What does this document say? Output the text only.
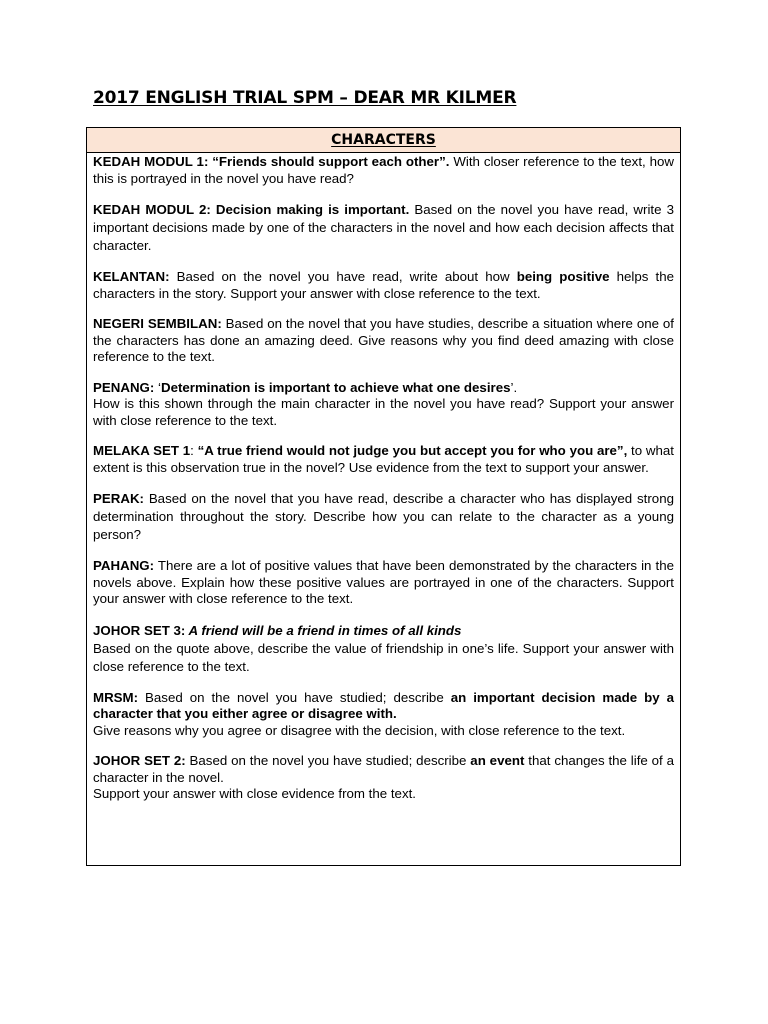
2017 ENGLISH TRIAL SPM – DEAR MR KILMER
CHARACTERS

KEDAH MODUL 1: “Friends should support each other”. With closer reference to the text, how this is portrayed in the novel you have read?

KEDAH MODUL 2: Decision making is important. Based on the novel you have read, write 3 important decisions made by one of the characters in the novel and how each decision affects that character.

KELANTAN: Based on the novel you have read, write about how being positive helps the characters in the story. Support your answer with close reference to the text.

NEGERI SEMBILAN: Based on the novel that you have studies, describe a situation where one of the characters has done an amazing deed. Give reasons why you find deed amazing with close reference to the text.

PENANG: ‘Determination is important to achieve what one desires’.
How is this shown through the main character in the novel you have read? Support your answer with close reference to the text.

MELAKA SET 1: “A true friend would not judge you but accept you for who you are”, to what extent is this observation true in the novel? Use evidence from the text to support your answer.

PERAK: Based on the novel that you have read, describe a character who has displayed strong determination throughout the story. Describe how you can relate to the character as a young person?

PAHANG: There are a lot of positive values that have been demonstrated by the characters in the novels above. Explain how these positive values are portrayed in one of the characters. Support your answer with close reference to the text.

JOHOR SET 3: A friend will be a friend in times of all kinds
Based on the quote above, describe the value of friendship in one’s life. Support your answer with close reference to the text.

MRSM: Based on the novel you have studied; describe an important decision made by a character that you either agree or disagree with.
Give reasons why you agree or disagree with the decision, with close reference to the text.

JOHOR SET 2: Based on the novel you have studied; describe an event that changes the life of a character in the novel.
Support your answer with close evidence from the text.
